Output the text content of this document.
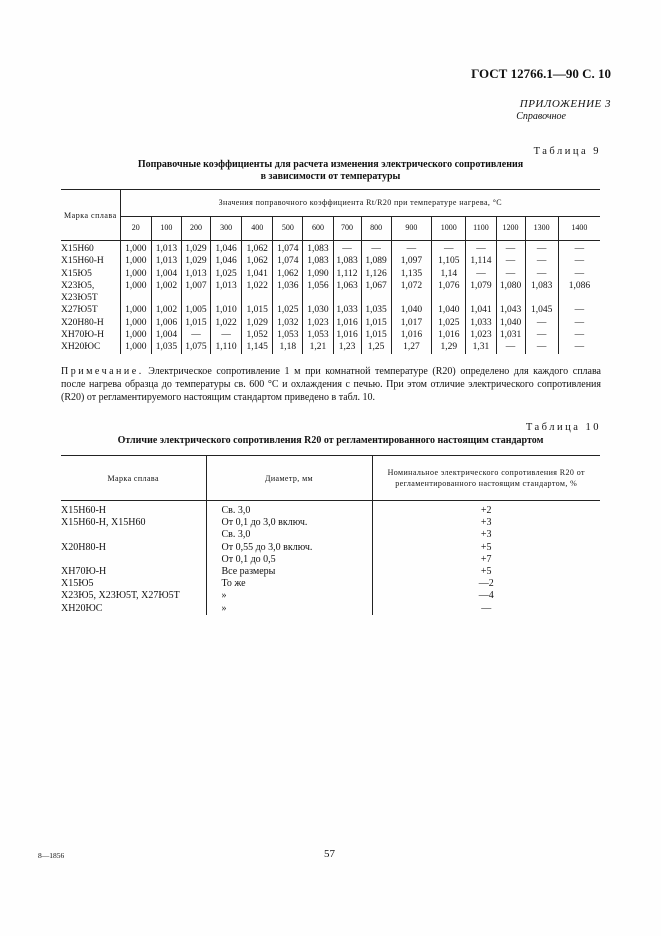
ГОСТ 12766.1—90 С. 10
ПРИЛОЖЕНИЕ 3
Справочное
Таблица 9
Поправочные коэффициенты для расчета изменения электрического сопротивления
в зависимости от температуры
Марка сплава	Значения поправочного коэффициента Rt/R20 при температуре нагрева, °С														
	20	100	200	300	400	500	600	700	800	900	1000	1100	1200	1300	1400
Х15Н60	1,000	1,013	1,029	1,046	1,062	1,074	1,083	—	—	—	—	—	—	—	—
Х15Н60-Н	1,000	1,013	1,029	1,046	1,062	1,074	1,083	1,083	1,089	1,097	1,105	1,114	—	—	—
Х15Ю5	1,000	1,004	1,013	1,025	1,041	1,062	1,090	1,112	1,126	1,135	1,14	—	—	—	—
Х23Ю5,	1,000	1,002	1,007	1,013	1,022	1,036	1,056	1,063	1,067	1,072	1,076	1,079	1,080	1,083	1,086
Х23Ю5Т															
Х27Ю5Т	1,000	1,002	1,005	1,010	1,015	1,025	1,030	1,033	1,035	1,040	1,040	1,041	1,043	1,045	—
Х20Н80-Н	1,000	1,006	1,015	1,022	1,029	1,032	1,023	1,016	1,015	1,017	1,025	1,033	1,040	—	—
ХН70Ю-Н	1,000	1,004	—	—	1,052	1,053	1,053	1,016	1,015	1,016	1,016	1,023	1,031	—	—
ХН20ЮС	1,000	1,035	1,075	1,110	1,145	1,18	1,21	1,23	1,25	1,27	1,29	1,31	—	—	—
Примечание. Электрическое сопротивление 1 м при комнатной температуре (R20) определено для каждого сплава после нагрева образца до температуры св. 600 °С и охлаждения с печью. При этом отличие электрического сопротивления (R20) от регламентируемого настоящим стандартом приведено в табл. 10.
Таблица 10
Отличие электрического сопротивления R20 от регламентированного настоящим стандартом
Марка сплава	Диаметр, мм	Номинальное электрического сопротивления R20 от регламентированного настоящим стандартом, %
Х15Н60-Н	Св. 3,0	+2
Х15Н60-Н, Х15Н60	От 0,1 до 3,0 включ.	+3
	Св. 3,0	+3
Х20Н80-Н	От 0,55 до 3,0 включ.	+5
	От 0,1 до 0,5	+7
ХН70Ю-Н	Все размеры	+5
Х15Ю5	То же	—2
Х23Ю5, Х23Ю5Т, Х27Ю5Т	»	—4
ХН20ЮС	»	—
8—1856	57
